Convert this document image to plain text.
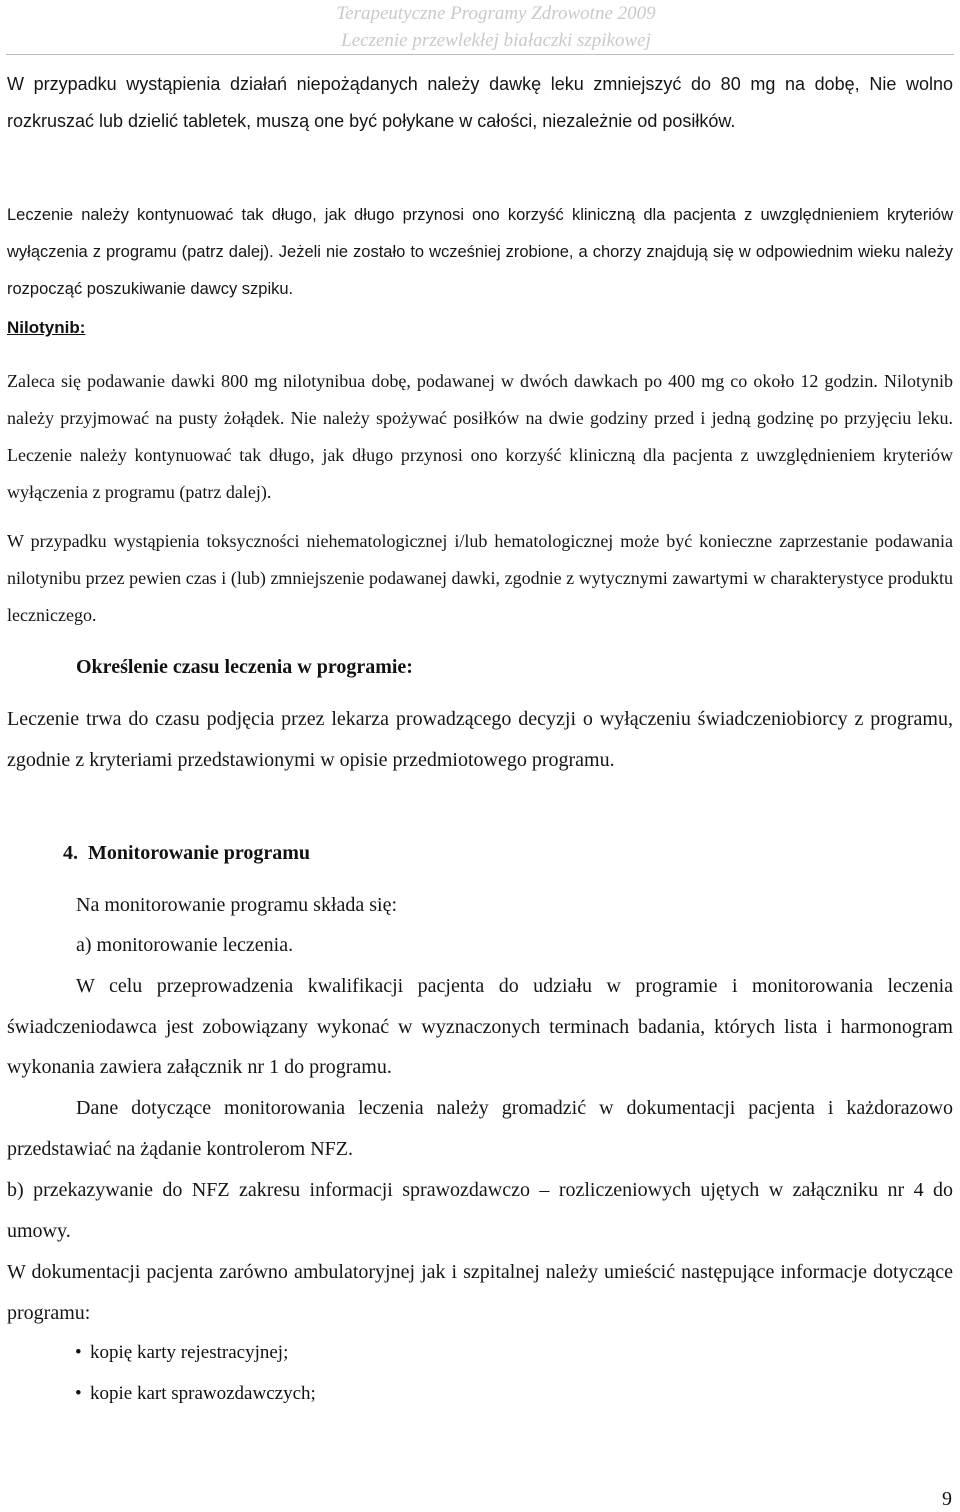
Terapeutyczne Programy Zdrowotne 2009
Leczenie przewlekłej białaczki szpikowej

W przypadku wystąpienia działań niepożądanych należy dawkę leku zmniejszyć do 80 mg na dobę, Nie wolno rozkruszać lub dzielić tabletek, muszą one być połykane w całości, niezależnie od posiłków.

Leczenie należy kontynuować tak długo, jak długo przynosi ono korzyść kliniczną dla pacjenta z uwzględnieniem kryteriów wyłączenia z programu (patrz dalej). Jeżeli nie zostało to wcześniej zrobione, a chorzy znajdują się w odpowiednim wieku należy rozpocząć poszukiwanie dawcy szpiku.

Nilotynib:

Zaleca się podawanie dawki 800 mg nilotynibua dobę, podawanej w dwóch dawkach po 400 mg co około 12 godzin. Nilotynib należy przyjmować na pusty żołądek. Nie należy spożywać posiłków na dwie godziny przed i jedną godzinę po przyjęciu leku. Leczenie należy kontynuować tak długo, jak długo przynosi ono korzyść kliniczną dla pacjenta z uwzględnieniem kryteriów wyłączenia z programu (patrz dalej).

W przypadku wystąpienia toksyczności niehematologicznej i/lub hematologicznej może być konieczne zaprzestanie podawania nilotynibu przez pewien czas i (lub) zmniejszenie podawanej dawki, zgodnie z wytycznymi zawartymi w charakterystyce produktu leczniczego.

Określenie czasu leczenia w programie:

Leczenie trwa do czasu podjęcia przez lekarza prowadzącego decyzji o wyłączeniu świadczeniobiorcy z programu, zgodnie z kryteriami przedstawionymi w opisie przedmiotowego programu.

4. Monitorowanie programu

Na monitorowanie programu składa się:

a) monitorowanie leczenia.

W celu przeprowadzenia kwalifikacji pacjenta do udziału w programie i monitorowania leczenia świadczeniodawca jest zobowiązany wykonać w wyznaczonych terminach badania, których lista i harmonogram wykonania zawiera załącznik nr 1 do programu.

Dane dotyczące monitorowania leczenia należy gromadzić w dokumentacji pacjenta i każdorazowo przedstawiać na żądanie kontrolerom NFZ.

b) przekazywanie do NFZ zakresu informacji sprawozdawczo – rozliczeniowych ujętych w załączniku nr 4 do umowy.

W dokumentacji pacjenta zarówno ambulatoryjnej jak i szpitalnej należy umieścić następujące informacje dotyczące programu:

• kopię karty rejestracyjnej;

• kopie kart sprawozdawczych;

9
